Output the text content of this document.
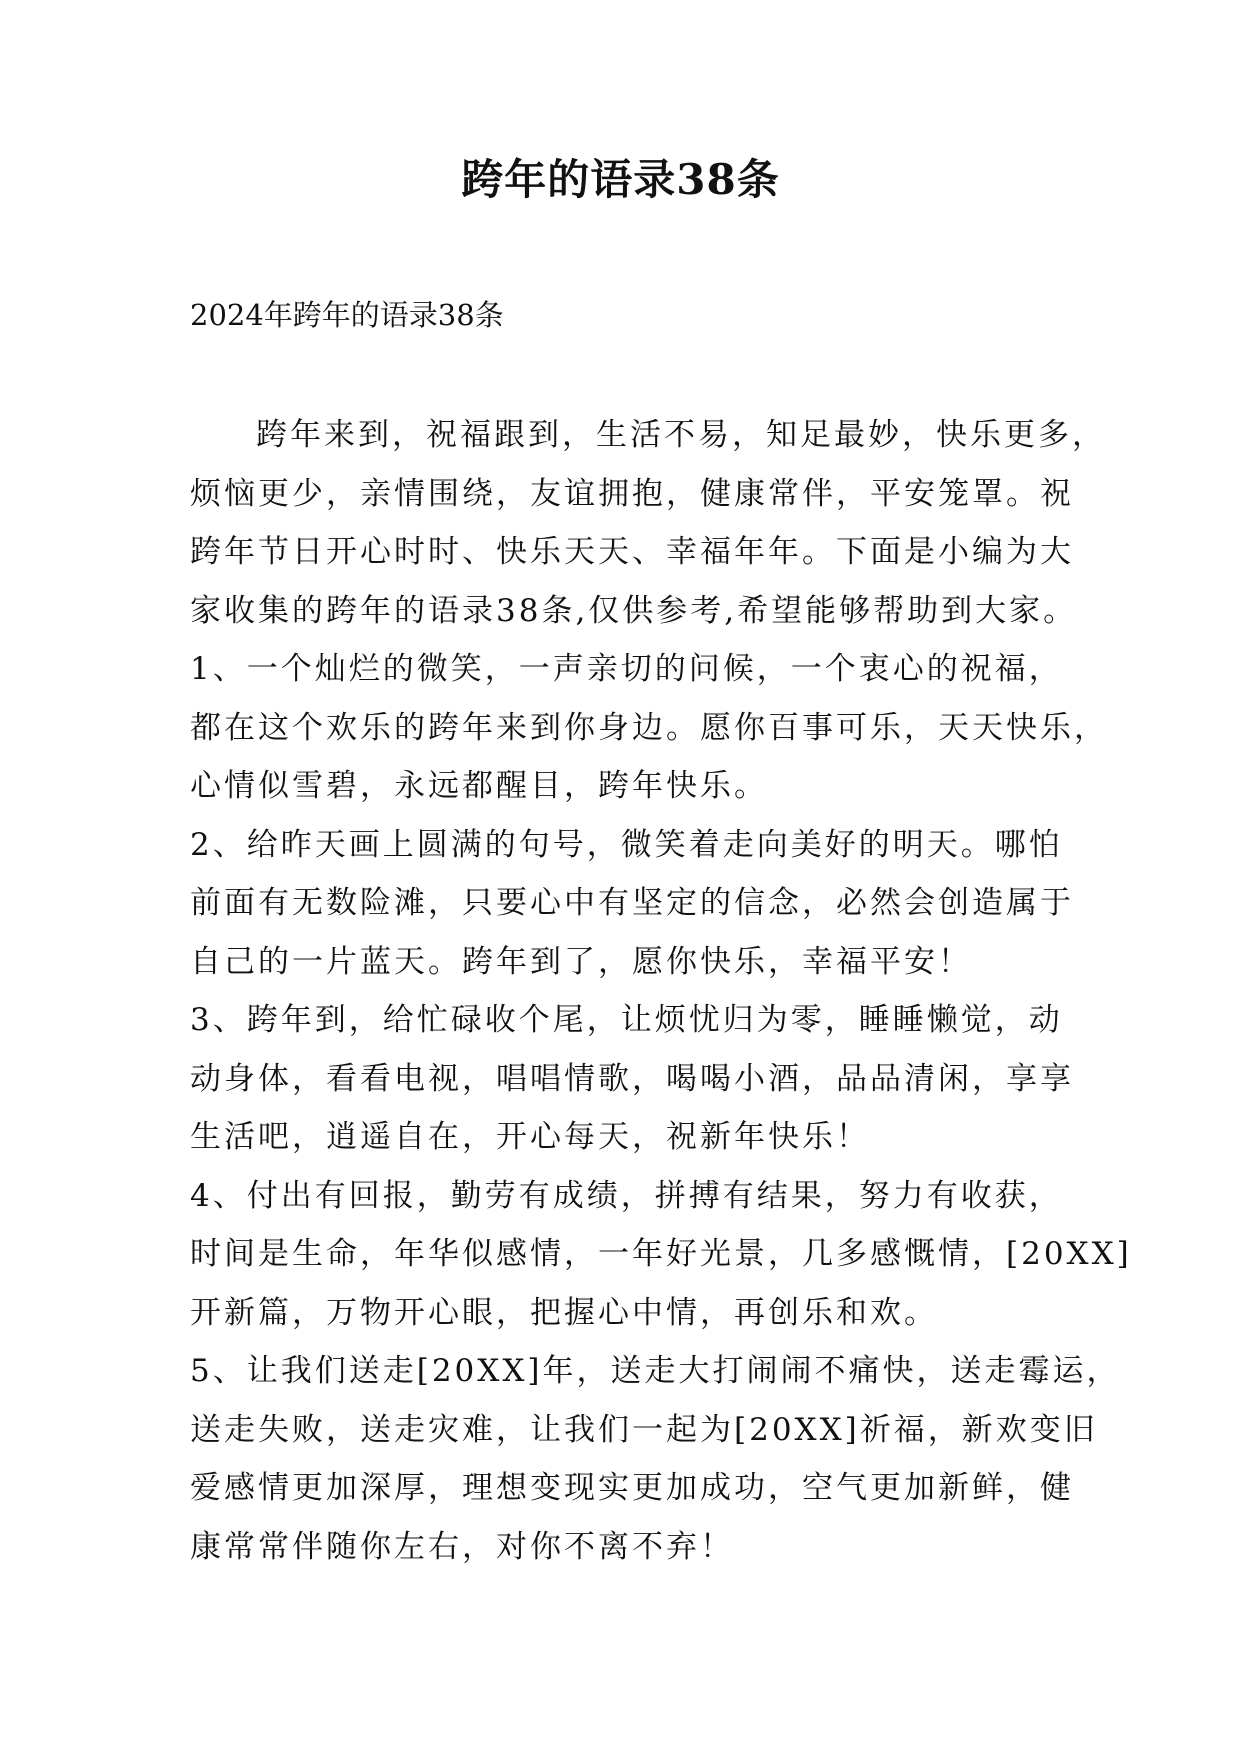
跨年的语录38条
2024年跨年的语录38条
跨年来到，祝福跟到，生活不易，知足最妙，快乐更多，
烦恼更少，亲情围绕，友谊拥抱，健康常伴，平安笼罩。祝
跨年节日开心时时、快乐天天、幸福年年。下面是小编为大
家收集的跨年的语录38条,仅供参考,希望能够帮助到大家。
1、一个灿烂的微笑，一声亲切的问候，一个衷心的祝福，
都在这个欢乐的跨年来到你身边。愿你百事可乐，天天快乐，
心情似雪碧，永远都醒目，跨年快乐。
2、给昨天画上圆满的句号，微笑着走向美好的明天。哪怕
前面有无数险滩，只要心中有坚定的信念，必然会创造属于
自己的一片蓝天。跨年到了，愿你快乐，幸福平安！
3、跨年到，给忙碌收个尾，让烦忧归为零，睡睡懒觉，动
动身体，看看电视，唱唱情歌，喝喝小酒，品品清闲，享享
生活吧，逍遥自在，开心每天，祝新年快乐！
4、付出有回报，勤劳有成绩，拼搏有结果，努力有收获，
时间是生命，年华似感情，一年好光景，几多感慨情，[20XX]
开新篇，万物开心眼，把握心中情，再创乐和欢。
5、让我们送走[20XX]年，送走大打闹闹不痛快，送走霉运，
送走失败，送走灾难，让我们一起为[20XX]祈福，新欢变旧
爱感情更加深厚，理想变现实更加成功，空气更加新鲜，健
康常常伴随你左右，对你不离不弃！
